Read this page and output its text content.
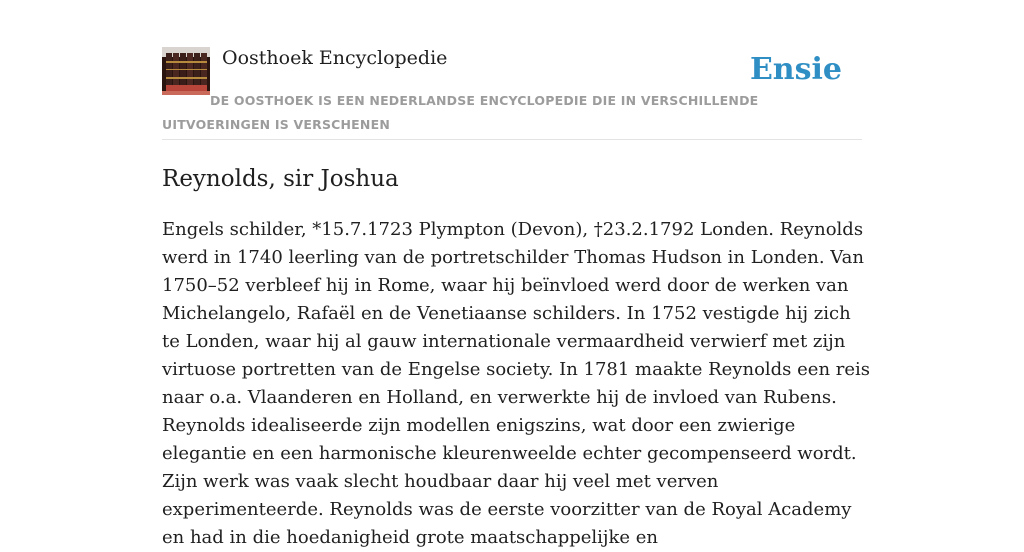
Oosthoek Encyclopedie	Ensie
DE OOSTHOEK IS EEN NEDERLANDSE ENCYCLOPEDIE DIE IN VERSCHILLENDE UITVOERINGEN IS VERSCHENEN
Reynolds, sir Joshua

Engels schilder, *15.7.1723 Plympton (Devon), †23.2.1792 Londen. Reynolds werd in 1740 leerling van de portretschilder Thomas Hudson in Londen. Van 1750–52 verbleef hij in Rome, waar hij beïnvloed werd door de werken van Michelangelo, Rafaël en de Venetiaanse schilders. In 1752 vestigde hij zich te Londen, waar hij al gauw internationale vermaardheid verwierf met zijn virtuose portretten van de Engelse society. In 1781 maakte Reynolds een reis naar o.a. Vlaanderen en Holland, en verwerkte hij de invloed van Rubens. Reynolds idealiseerde zijn modellen enigszins, wat door een zwierige elegantie en een harmonische kleurenweelde echter gecompenseerd wordt. Zijn werk was vaak slecht houdbaar daar hij veel met verven experimenteerde. Reynolds was de eerste voorzitter van de Royal Academy en had in die hoedanigheid grote maatschappelijke en
